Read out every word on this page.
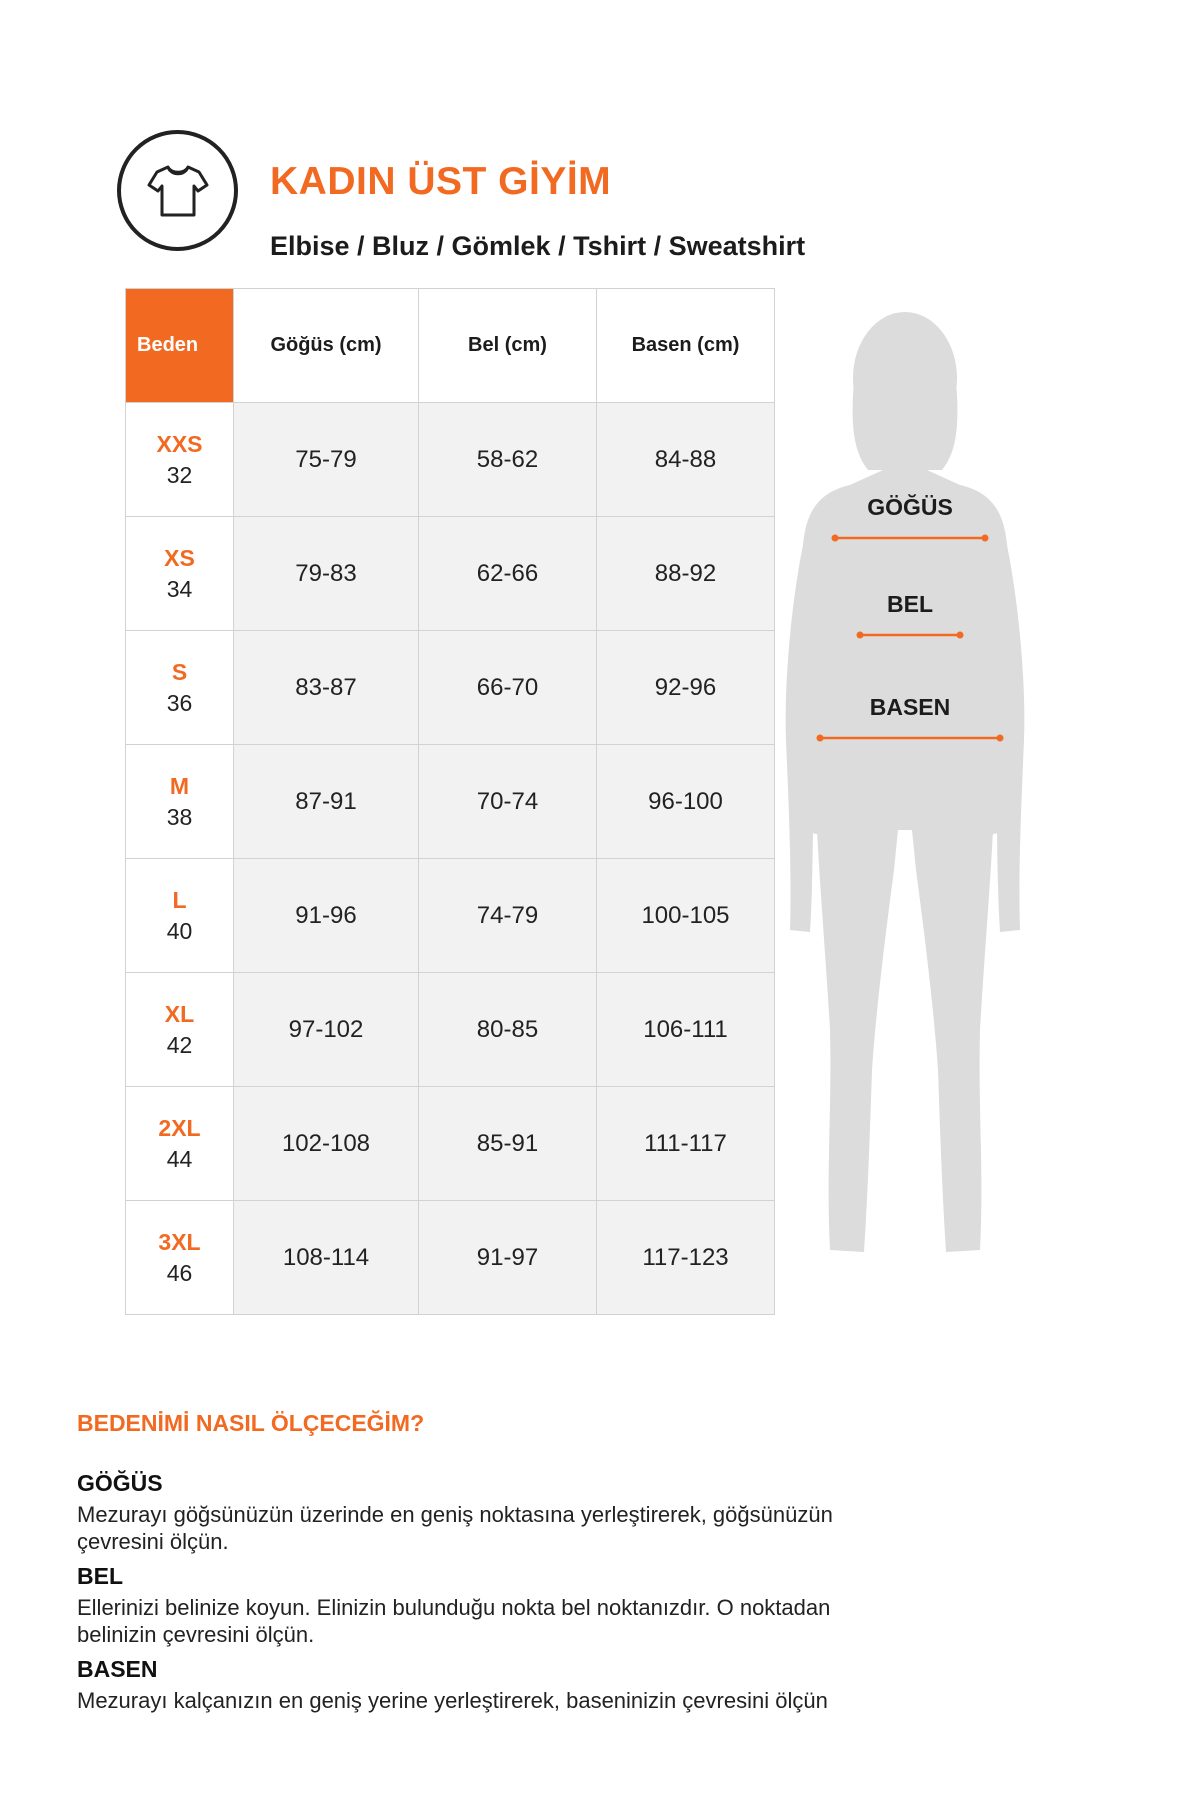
KADIN ÜST GİYİM
Elbise / Bluz / Gömlek / Tshirt / Sweatshirt
Beden	Göğüs (cm)	Bel (cm)	Basen (cm)

XXS
32	75-79	58-62	84-88

XS
34	79-83	62-66	88-92

S
36	83-87	66-70	92-96

M
38	87-91	70-74	96-100

L
40	91-96	74-79	100-105

XL
42	97-102	80-85	106-111

2XL
44	102-108	85-91	111-117

3XL
46	108-114	91-97	117-123
GÖĞÜS
BEL
BASEN
BEDENİMİ NASIL ÖLÇECEĞİM?
GÖĞÜS

Mezurayı göğsünüzün üzerinde en geniş noktasına yerleştirerek, göğsünüzün çevresini ölçün.

BEL

Ellerinizi belinize koyun. Elinizin bulunduğu nokta bel noktanızdır. O noktadan belinizin çevresini ölçün.

BASEN

Mezurayı kalçanızın en geniş yerine yerleştirerek, baseninizin çevresini ölçün
